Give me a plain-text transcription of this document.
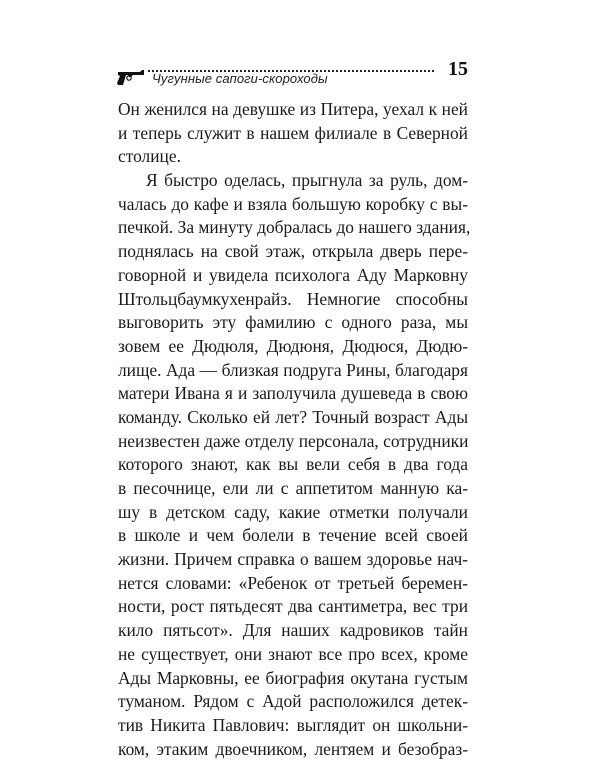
Чугунные сапоги-скороходы	15
Он женился на девушке из Питера, уехал к ней
и теперь служит в нашем филиале в Северной
столице.
Я быстро оделась, прыгнула за руль, дом-
чалась до кафе и взяла большую коробку с вы-
печкой. За минуту добралась до нашего здания,
поднялась на свой этаж, открыла дверь пере-
говорной и увидела психолога Аду Марковну
Штольцбаумкухенрайз. Немногие способны
выговорить эту фамилию с одного раза, мы
зовем ее Дюдюля, Дюдюня, Дюдюся, Дюдю-
лище. Ада — близкая подруга Рины, благодаря
матери Ивана я и заполучила душеведа в свою
команду. Сколько ей лет? Точный возраст Ады
неизвестен даже отделу персонала, сотрудники
которого знают, как вы вели себя в два года
в песочнице, ели ли с аппетитом манную ка-
шу в детском саду, какие отметки получали
в школе и чем болели в течение всей своей
жизни. Причем справка о вашем здоровье нач-
нется словами: «Ребенок от третьей беремен-
ности, рост пятьдесят два сантиметра, вес три
кило пятьсот». Для наших кадровиков тайн
не существует, они знают все про всех, кроме
Ады Марковны, ее биография окутана густым
туманом. Рядом с Адой расположился детек-
тив Никита Павлович: выглядит он школьни-
ком, этаким двоечником, лентяем и безобраз-
